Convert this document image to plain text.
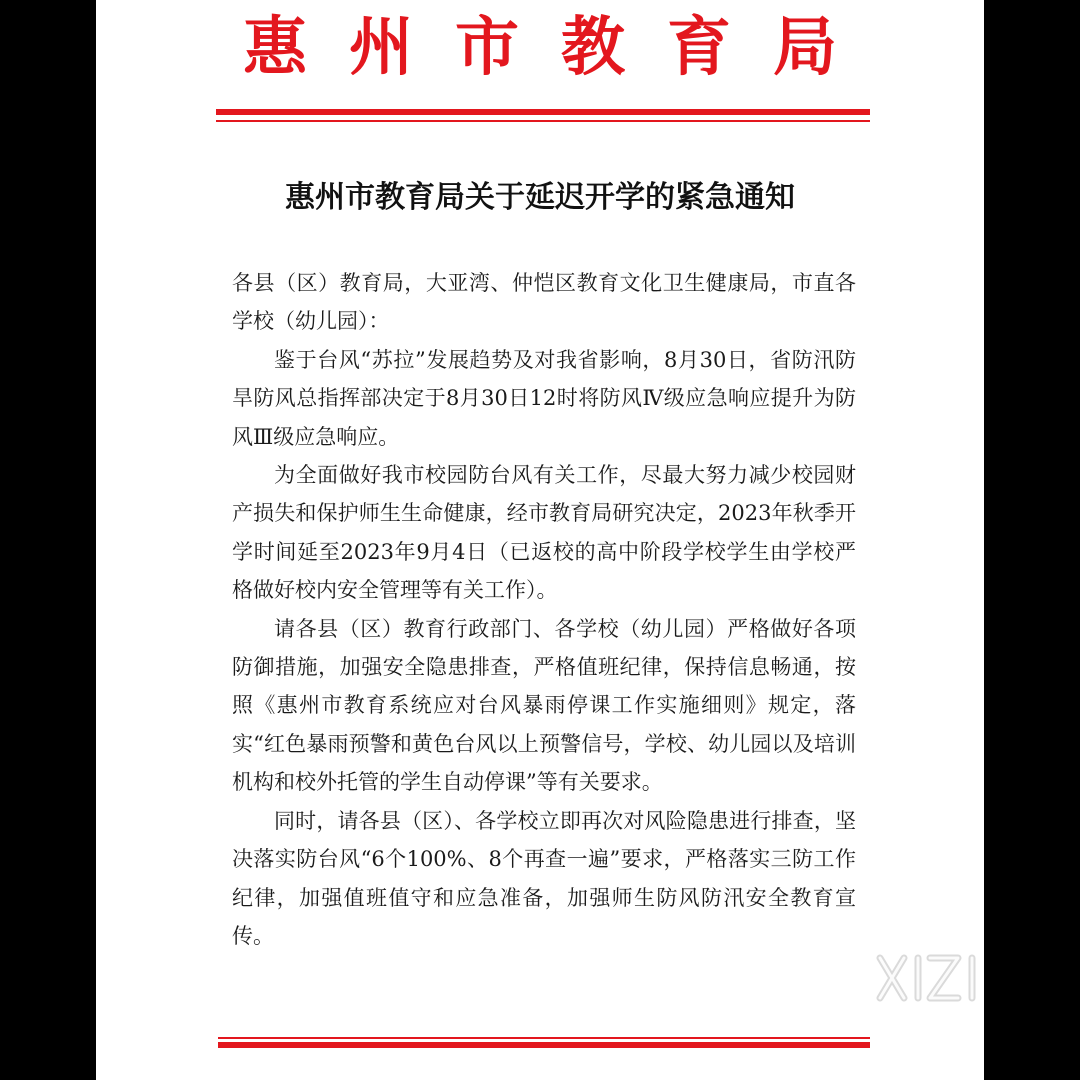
惠州市教育局
惠州市教育局关于延迟开学的紧急通知

各县（区）教育局，大亚湾、仲恺区教育文化卫生健康局，市直各学校（幼儿园）：

鉴于台风“苏拉”发展趋势及对我省影响，8月30日，省防汛防旱防风总指挥部决定于8月30日12时将防风Ⅳ级应急响应提升为防风Ⅲ级应急响应。

为全面做好我市校园防台风有关工作，尽最大努力减少校园财产损失和保护师生生命健康，经市教育局研究决定，2023年秋季开学时间延至2023年9月4日（已返校的高中阶段学校学生由学校严格做好校内安全管理等有关工作）。

请各县（区）教育行政部门、各学校（幼儿园）严格做好各项防御措施，加强安全隐患排查，严格值班纪律，保持信息畅通，按照《惠州市教育系统应对台风暴雨停课工作实施细则》规定，落实“红色暴雨预警和黄色台风以上预警信号，学校、幼儿园以及培训机构和校外托管的学生自动停课”等有关要求。

同时，请各县（区）、各学校立即再次对风险隐患进行排查，坚决落实防台风“6个100%、8个再查一遍”要求，严格落实三防工作纪律，加强值班值守和应急准备，加强师生防风防汛安全教育宣传。
